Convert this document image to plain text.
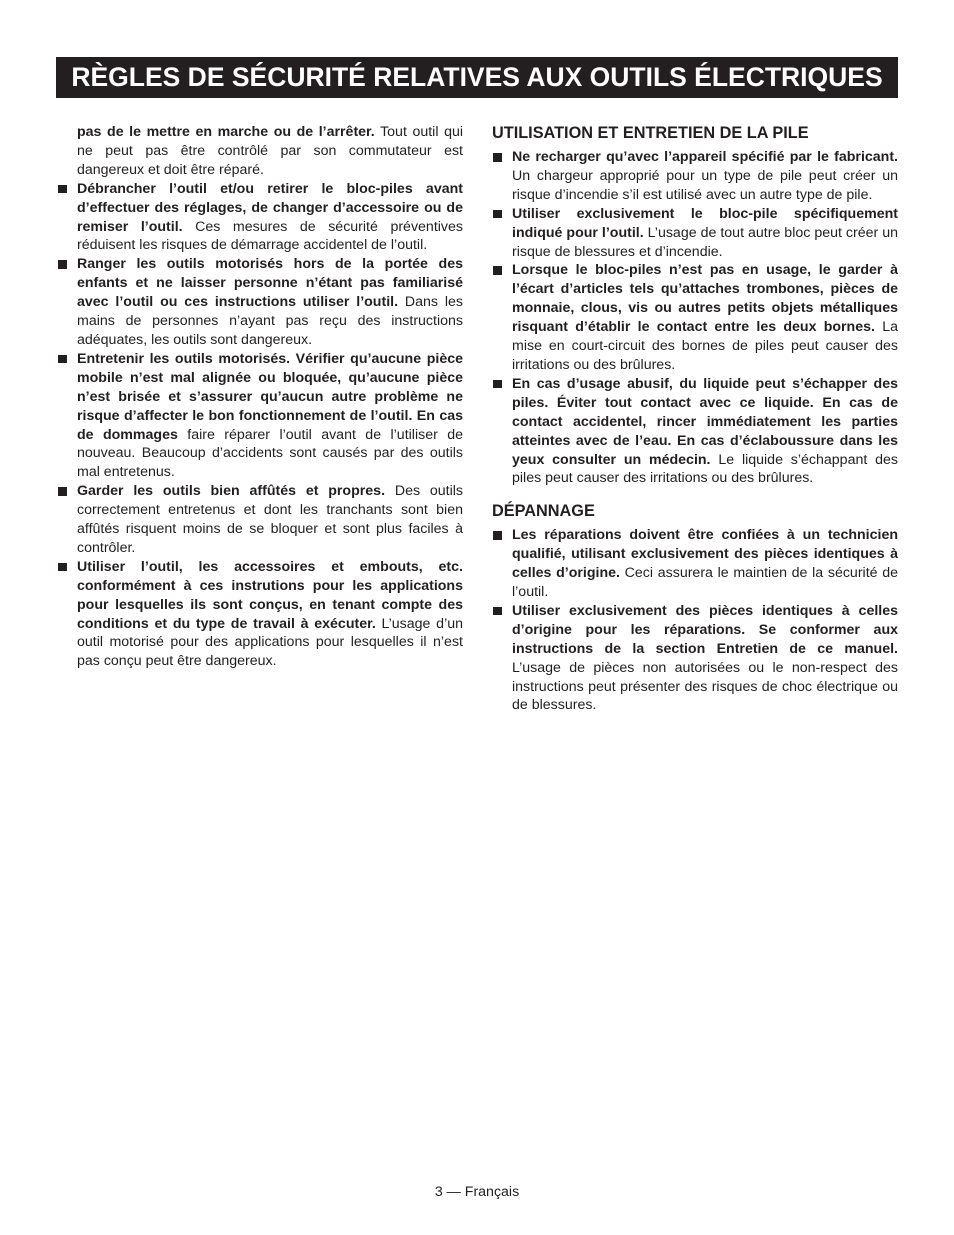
RÈGLES DE SÉCURITÉ RELATIVES AUX OUTILS ÉLECTRIQUES
pas de le mettre en marche ou de l’arrêter. Tout outil qui ne peut pas être contrôlé par son commutateur est dangereux et doit être réparé.
Débrancher l’outil et/ou retirer le bloc-piles avant d’effectuer des réglages, de changer d’accessoire ou de remiser l’outil. Ces mesures de sécurité préventives réduisent les risques de démarrage accidentel de l’outil.
Ranger les outils motorisés hors de la portée des enfants et ne laisser personne n’étant pas familiarisé avec l’outil ou ces instructions utiliser l’outil. Dans les mains de personnes n’ayant pas reçu des instructions adéquates, les outils sont dangereux.
Entretenir les outils motorisés. Vérifier qu’aucune pièce mobile n’est mal alignée ou bloquée, qu’aucune pièce n’est brisée et s’assurer qu’aucun autre problème ne risque d’affecter le bon fonctionnement de l’outil. En cas de dommages faire réparer l’outil avant de l’utiliser de nouveau. Beaucoup d’accidents sont causés par des outils mal entretenus.
Garder les outils bien affûtés et propres. Des outils correctement entretenus et dont les tranchants sont bien affûtés risquent moins de se bloquer et sont plus faciles à contrôler.
Utiliser l’outil, les accessoires et embouts, etc. conformément à ces instrutions pour les applications pour lesquelles ils sont conçus, en tenant compte des conditions et du type de travail à exécuter. L’usage d’un outil motorisé pour des applications pour lesquelles il n’est pas conçu peut être dangereux.
UTILISATION ET ENTRETIEN DE LA PILE
Ne recharger qu’avec l’appareil spécifié par le fabricant. Un chargeur approprié pour un type de pile peut créer un risque d’incendie s’il est utilisé avec un autre type de pile.
Utiliser exclusivement le bloc-pile spécifiquement indiqué pour l’outil. L’usage de tout autre bloc peut créer un risque de blessures et d’incendie.
Lorsque le bloc-piles n’est pas en usage, le garder à l’écart d’articles tels qu’attaches trombones, pièces de monnaie, clous, vis ou autres petits objets métalliques risquant d’établir le contact entre les deux bornes. La mise en court-circuit des bornes de piles peut causer des irritations ou des brûlures.
En cas d’usage abusif, du liquide peut s’échapper des piles. Éviter tout contact avec ce liquide. En cas de contact accidentel, rincer immédiatement les parties atteintes avec de l’eau. En cas d’éclaboussure dans les yeux consulter un médecin. Le liquide s’échappant des piles peut causer des irritations ou des brûlures.
DÉPANNAGE
Les réparations doivent être confiées à un technicien qualifié, utilisant exclusivement des pièces identiques à celles d’origine. Ceci assurera le maintien de la sécurité de l’outil.
Utiliser exclusivement des pièces identiques à celles d’origine pour les réparations. Se conformer aux instructions de la section Entretien de ce manuel. L’usage de pièces non autorisées ou le non-respect des instructions peut présenter des risques de choc électrique ou de blessures.
3 — Français
